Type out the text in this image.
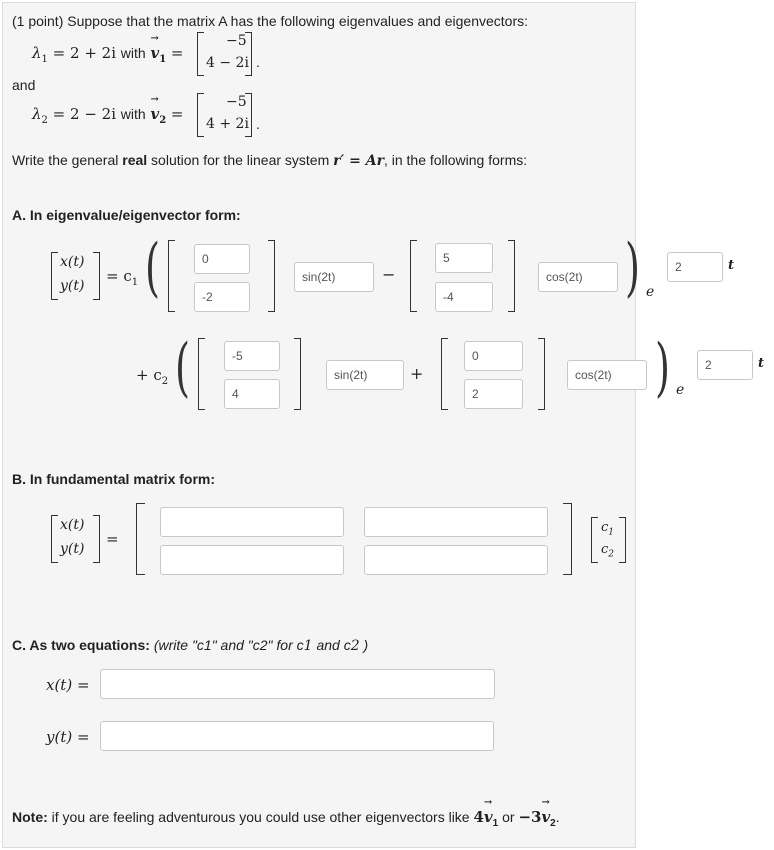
(1 point) Suppose that the matrix A has the following eigenvalues and eigenvectors:
$\lambda_1 = 2 + 2i$ with $v \to_1$ =
−5
4 − 2i .
and
$\lambda_2 = 2 - 2i$ with $v \to_2$ =
−5
4 + 2i .
Write the general real solution for the linear system r′ = Ar, in the following forms:
A. In eigenvalue/eigenvector form:
x(t)
y(t)
= $c_1$ (	0
-2
sin(2t)	−
5
-4
cos(2t) ) e
2	t
+ $c_2$ (	-5
4
sin(2t)	+
0
2
cos(2t) ) e
2	t
B. In fundamental matrix form:
x(t)
y(t)
=
$c_1$
$c_2$
C. As two equations: (write "c1" and "c2" for c1 and c2 )
x(t) =
y(t) =
Note: if you are feeling adventurous you could use other eigenvectors like $4v \to_1$ or $-3v \to_2$.
